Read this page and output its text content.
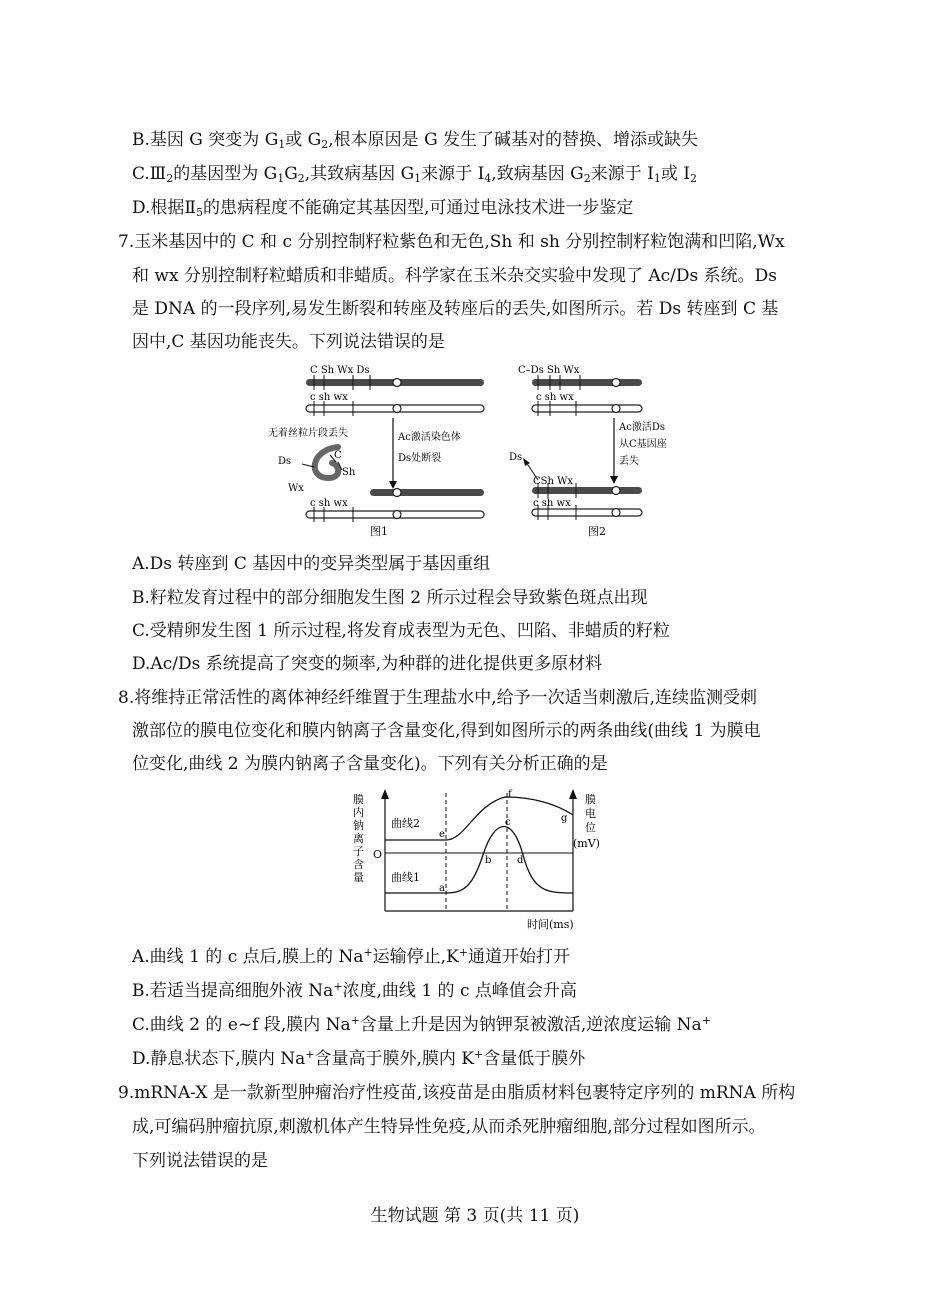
B.基因 G 突变为 $G_1$或 $G_2$,根本原因是 G 发生了碱基对的替换、增添或缺失
$C.Ⅲ_2$的基因型为 $G_1G_2$,其致病基因 $G_1$来源于 $I_4$,致病基因 $G_2$来源于 $I_1$或 $I_2$
D.根据$Ⅱ_5$的患病程度不能确定其基因型,可通过电泳技术进一步鉴定
7.玉米基因中的 C 和 c 分别控制籽粒紫色和无色,Sh 和 sh 分别控制籽粒饱满和凹陷,Wx
和 wx 分别控制籽粒蜡质和非蜡质。科学家在玉米杂交实验中发现了 Ac/Ds 系统。Ds
是 DNA 的一段序列,易发生断裂和转座及转座后的丢失,如图所示。若 Ds 转座到 C 基
因中,C 基因功能丧失。下列说法错误的是
C Sh Wx Ds
c sh wx
Ac激活染色体
Ds处断裂
无着丝粒片段丢失
Ds
C
Sh
Wx
c sh wx
图1
C–Ds Sh Wx
c sh wx
Ac激活Ds
从C基因座
丢失
Ds
CSh Wx
c sh wx
图2
A.Ds 转座到 C 基因中的变异类型属于基因重组
B.籽粒发育过程中的部分细胞发生图 2 所示过程会导致紫色斑点出现
C.受精卵发生图 1 所示过程,将发育成表型为无色、凹陷、非蜡质的籽粒
D.Ac/Ds 系统提高了突变的频率,为种群的进化提供更多原材料
8.将维持正常活性的离体神经纤维置于生理盐水中,给予一次适当刺激后,连续监测受刺
激部位的膜电位变化和膜内钠离子含量变化,得到如图所示的两条曲线(曲线 1 为膜电
位变化,曲线 2 为膜内钠离子含量变化)。下列有关分析正确的是
膜
内
钠
离
子
含
量
膜
电
位
(mV)
O
曲线2
曲线1
a
b
c
d
e
f
g
时间(ms)
A.曲线 1 的 c 点后,膜上的 Na+运输停止,K+通道开始打开
B.若适当提高细胞外液 Na+浓度,曲线 1 的 c 点峰值会升高
C.曲线 2 的 e~f 段,膜内 Na+含量上升是因为钠钾泵被激活,逆浓度运输 Na+
D.静息状态下,膜内 Na+含量高于膜外,膜内 K+含量低于膜外
9.mRNA-X 是一款新型肿瘤治疗性疫苗,该疫苗是由脂质材料包裹特定序列的 mRNA 所构
成,可编码肿瘤抗原,刺激机体产生特异性免疫,从而杀死肿瘤细胞,部分过程如图所示。
下列说法错误的是
生物试题 第 3 页(共 11 页)
